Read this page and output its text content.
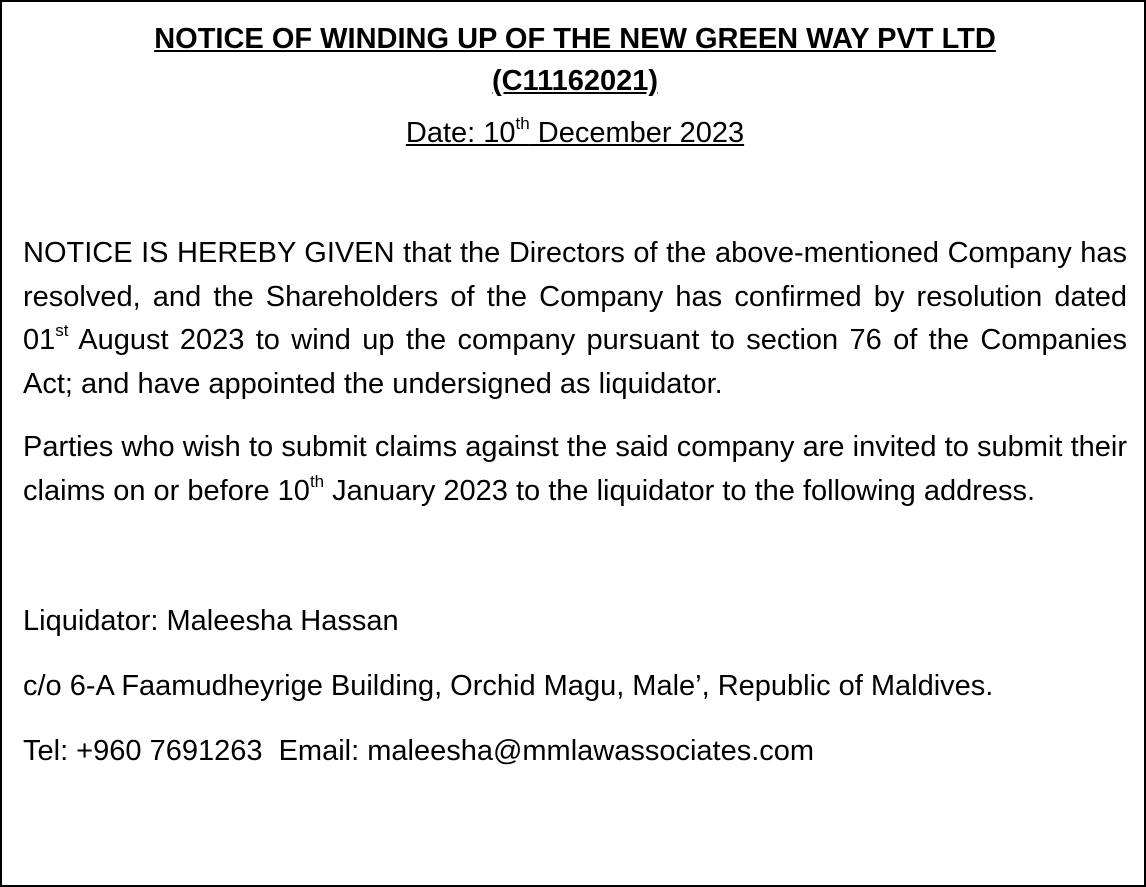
NOTICE OF WINDING UP OF THE NEW GREEN WAY PVT LTD
(C11162021)
Date: 10th December 2023

NOTICE IS HEREBY GIVEN that the Directors of the above-mentioned Company has resolved, and the Shareholders of the Company has confirmed by resolution dated 01st August 2023 to wind up the company pursuant to section 76 of the Companies Act; and have appointed the undersigned as liquidator.

Parties who wish to submit claims against the said company are invited to submit their claims on or before 10th January 2023 to the liquidator to the following address.

Liquidator: Maleesha Hassan

c/o 6-A Faamudheyrige Building, Orchid Magu, Male’, Republic of Maldives.

Tel: +960 7691263 Email: maleesha@mmlawassociates.com
